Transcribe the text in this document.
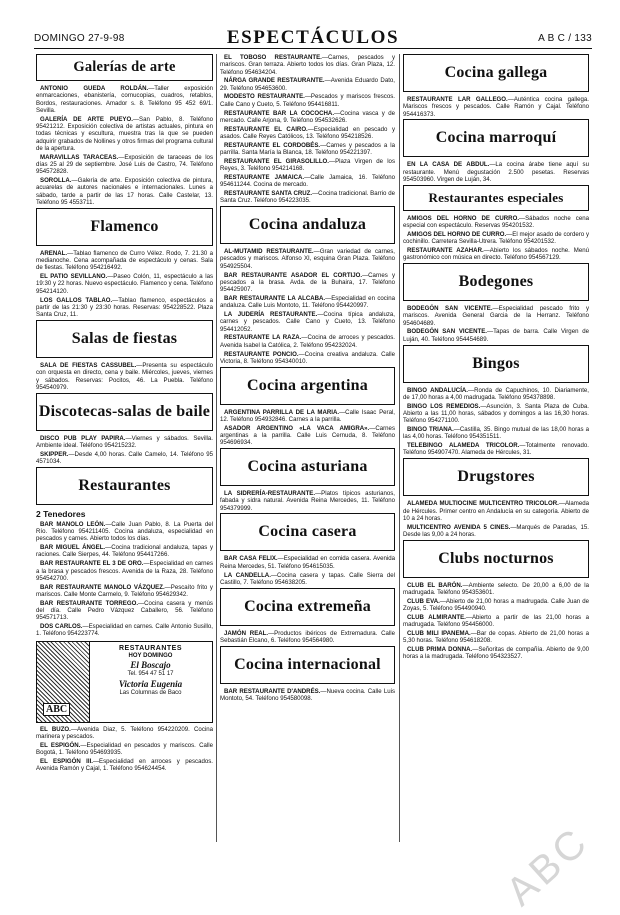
DOMINGO 27-9-98	ESPECTÁCULOS	A B C / 133
Galerías de arte
ANTONIO GUEDA ROLDÁN.—Taller exposición enmarcaciones, ebanistería, cornucopias, cuadros, retablos, Bordos, restauraciones. Amador s. 8. Teléfono 95 452 69/1. Sevilla.
GALERÍA DE ARTE PUEYO.—San Pablo, 8. Teléfono 95421212. Exposición colectiva de artistas actuales, pintura en todas técnicas y escultura, muestra tras la que se pueden adquirir grabados de Nollines y otros firmas del programa cultural de la apertura.
MARAVILLAS TARACEAS.—Exposición de taraceas de los días 25 al 29 de septiembre. José Luis de Castro, 74. Teléfono 954572828.
SOROLLA.—Galería de arte. Exposición colectiva de pintura, acuarelas de autores nacionales e internacionales. Lunes a sábado, tarde a partir de las 17 horas. Calle Castelar, 13. Teléfono 95 4553711.
Flamenco
ARENAL.—Tablao flamenco de Curro Vélez. Rodo, 7. 21.30 a medianoche. Cena acompañada de espectáculo y cenas. Sala de fiestas. Teléfono 954216492.
EL PATIO SEVILLANO.—Paseo Colón, 11, espectáculo a las 19:30 y 22 horas. Nuevo espectáculo. Flamenco y cena. Teléfono 954214120.
LOS GALLOS TABLAO.—Tablao flamenco, espectáculos a partir de las 21:30 y 23:30 horas. Reservas: 954228522. Plaza Santa Cruz, 11.
Salas de fiestas
SALA DE FIESTAS CASSUBEL.—Presenta su espectáculo con orquesta en directo, cena y baile. Miércoles, jueves, viernes y sábados. Reservas: Pocitos, 46. La Puebla. Teléfono 954540979.
Discotecas-salas de baile
DISCO PUB PLAY PAPIRA.—Viernes y sábados. Sevilla. Ambiente ideal. Teléfono 954215232.
SKIPPER.—Desde 4,00 horas. Calle Camelo, 14. Teléfono 95 4571034.
Restaurantes
2 Tenedores
BAR MANOLO LEÓN.—Calle Juan Pablo, 8. La Puerta del Río. Teléfono 954211405. Cocina andaluza, especialidad en pescados y carnes. Abierto todos los días.
BAR MIGUEL ÁNGEL.—Cocina tradicional andaluza, tapas y raciones. Calle Sierpes, 44. Teléfono 954417266.
BAR RESTAURANTE EL 3 DE ORO.—Especialidad en carnes a la brasa y pescados frescos. Avenida de la Raza, 28. Teléfono 954542700.
BAR RESTAURANTE MANOLO VÁZQUEZ.—Pescaíto frito y mariscos. Calle Monte Carmelo, 9. Teléfono 954629342.
BAR RESTAURANTE TORREGO.—Cocina casera y menús del día. Calle Pedro Vázquez Caballero, 56. Teléfono 954571713.
DOS CARLOS.—Especialidad en carnes. Calle Antonio Susillo, 1. Teléfono 954223774.
ABC
RESTAURANTES
HOY DOMINGO
El Boscajo
Tel. 954 47 51 17
Victoria Eugenia
Las Columnas de Baco
EL BUZO.—Avenida Diaz, 5. Teléfono 954220209. Cocina marinera y pescados.
EL ESPIGÓN.—Especialidad en pescados y mariscos. Calle Bogotá, 1. Teléfono 954693935.
EL ESPIGÓN III.—Especialidad en arroces y pescados. Avenida Ramón y Cajal, 1. Teléfono 954624454.
EL TOBOSO RESTAURANTE.—Carnes, pescados y mariscos. Gran terraza. Abierto todos los días. Gran Plaza, 12. Teléfono 954634204.
NÁRGA GRANDE RESTAURANTE.—Avenida Eduardo Dato, 29. Teléfono 954653600.
MODESTO RESTAURANTE.—Pescados y mariscos frescos. Calle Cano y Cueto, 5. Teléfono 954416811.
RESTAURANTE BAR LA COCOCHA.—Cocina vasca y de mercado. Calle Arjona, 9. Teléfono 954532626.
RESTAURANTE EL CAIRO.—Especialidad en pescado y asados. Calle Reyes Católicos, 13. Teléfono 954218526.
RESTAURANTE EL CORDOBÉS.—Carnes y pescados a la parrilla. Santa María la Blanca, 18. Teléfono 954221397.
RESTAURANTE EL GIRASOLILLO.—Plaza Virgen de los Reyes, 3. Teléfono 954214168.
RESTAURANTE JAMAICA.—Calle Jamaica, 16. Teléfono 954611244. Cocina de mercado.
RESTAURANTE SANTA CRUZ.—Cocina tradicional. Barrio de Santa Cruz. Teléfono 954223035.
Cocina andaluza
AL-MUTAMID RESTAURANTE.—Gran variedad de carnes, pescados y mariscos. Alfonso XI, esquina Gran Plaza. Teléfono 954925504.
BAR RESTAURANTE ASADOR EL CORTIJO.—Carnes y pescados a la brasa. Avda. de la Buhaira, 17. Teléfono 954425907.
BAR RESTAURANTE LA ALCABA.—Especialidad en cocina andaluza. Calle Luis Montoto, 11. Teléfono 954420997.
LA JUDERÍA RESTAURANTE.—Cocina típica andaluza, carnes y pescados. Calle Cano y Cueto, 13. Teléfono 954412052.
RESTAURANTE LA RAZA.—Cocina de arroces y pescados. Avenida Isabel la Católica, 2. Teléfono 954232024.
RESTAURANTE PONCIO.—Cocina creativa andaluza. Calle Victoria, 8. Teléfono 954340010.
Cocina argentina
ARGENTINA PARRILLA DE LA MARIA.—Calle Isaac Peral, 12. Teléfono 954932846. Carnes a la parrilla.
ASADOR ARGENTINO «LA VACA AMIGRA».—Carnes argentinas a la parrilla. Calle Luis Cernuda, 8. Teléfono 954696934.
Cocina asturiana
LA SIDRERÍA-RESTAURANTE.—Platos típicos asturianos, fabada y sidra natural. Avenida Reina Mercedes, 11. Teléfono 954379999.
Cocina casera
BAR CASA FELIX.—Especialidad en comida casera. Avenida Reina Mercedes, 51. Teléfono 954615035.
LA CANDELLA.—Cocina casera y tapas. Calle Sierra del Castillo, 7. Teléfono 954638205.
Cocina extremeña
JAMÓN REAL.—Productos ibéricos de Extremadura. Calle Sebastián Elcano, 6. Teléfono 954564980.
Cocina internacional
BAR RESTAURANTE D'ANDRÉS.—Nueva cocina. Calle Luis Montoto, 54. Teléfono 954580098.
Cocina gallega
RESTAURANTE LAR GALLEGO.—Auténtica cocina gallega. Mariscos frescos y pescados. Calle Ramón y Cajal. Teléfono 954416373.
Cocina marroquí
EN LA CASA DE ABDUL.—La cocina árabe tiene aquí su restaurante. Menú degustación 2.500 pesetas. Reservas 954503960. Virgen de Luján, 34.
Restaurantes especiales
AMIGOS DEL HORNO DE CURRO.—Sábados noche cena especial con espectáculo. Reservas 954201532.
AMIGOS DEL HORNO DE CURRO.—El mejor asado de cordero y cochinillo. Carretera Sevilla-Utrera. Teléfono 954201532.
RESTAURANTE AZAHAR.—Abierto los sábados noche. Menú gastronómico con música en directo. Teléfono 954567129.
Bodegones
BODEGÓN SAN VICENTE.—Especialidad pescado frito y mariscos. Avenida General Garcia de la Herranz. Teléfono 954604689.
BODEGÓN SAN VICENTE.—Tapas de barra. Calle Virgen de Luján, 40. Teléfono 954454689.
Bingos
BINGO ANDALUCÍA.—Ronda de Capuchinos, 10. Diariamente, de 17,00 horas a 4,00 madrugada. Teléfono 954378898.
BINGO LOS REMEDIOS.—Asunción, 3. Santa Plaza de Cuba. Abierto a las 11,00 horas, sábados y domingos a las 16,30 horas. Teléfono 954271100.
BINGO TRIANA.—Castilla, 35. Bingo mutual de las 18,00 horas a las 4,00 horas. Teléfono 954351511.
TELEBINGO ALAMEDA TRICOLOR.—Totalmente renovado. Teléfono 954907470. Alameda de Hércules, 31.
Drugstores
ALAMEDA MULTIOCINE MULTICENTRO TRICOLOR.—Alameda de Hércules. Primer centro en Andalucía en su categoría. Abierto de 10 a 24 horas.
MULTICENTRO AVENIDA 5 CINES.—Marqués de Paradas, 15. Desde las 9,00 a 24 horas.
Clubs nocturnos
CLUB EL BARÓN.—Ambiente selecto. De 20,00 a 6,00 de la madrugada. Teléfono 954353601.
CLUB EVA.—Abierto de 21,00 horas a madrugada. Calle Juan de Zoyas, 5. Teléfono 954490940.
CLUB ALMIRANTE.—Abierto a partir de las 21,00 horas a madrugada. Teléfono 954456000.
CLUB MILI IPANEMA.—Bar de copas. Abierto de 21,00 horas a 5,30 horas. Teléfono 954618208.
CLUB PRIMA DONNA.—Señoritas de compañía. Abierto de 9,00 horas a la madrugada. Teléfono 954323527.
ABC
